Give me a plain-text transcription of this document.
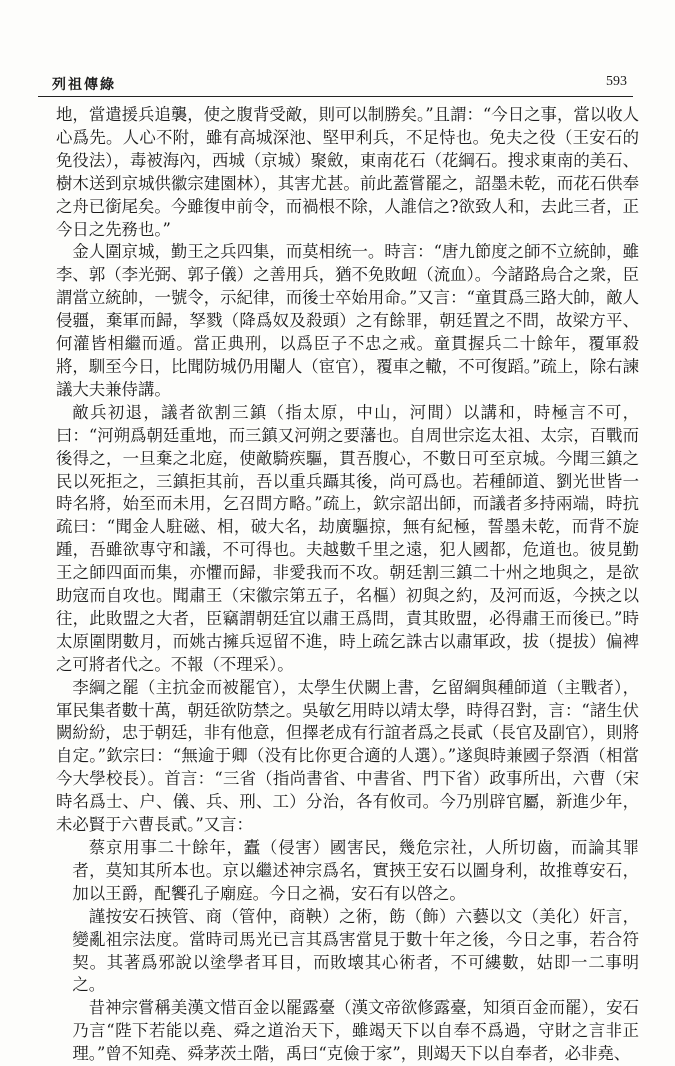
列祖傳綠	593

地，當遣援兵追襲，使之腹背受敵，則可以制勝矣。”且謂：“今日之事，當以收人心爲先。人心不附，雖有高城深池、堅甲利兵，不足恃也。免夫之役（王安石的免役法），毒被海內，西城（京城）聚斂，東南花石（花綱石。搜求東南的美石、樹木送到京城供徽宗建園林），其害尤甚。前此蓋嘗罷之，詔墨未乾，而花石供奉之舟已銜尾矣。今雖復申前令，而禍根不除，人誰信之?欲致人和，去此三者，正今日之先務也。”

金人圍京城，勤王之兵四集，而莫相统一。時言：“唐九節度之師不立統帥，雖李、郭（李光弼、郭子儀）之善用兵，猶不免敗衄（流血）。今諸路烏合之衆，臣謂當立統帥，一號令，示紀律，而後士卒始用命。”又言：“童貫爲三路大帥，敵人侵疆，棄軍而歸，孥戮（降爲奴及殺頭）之有餘罪，朝廷置之不問，故梁方平、何灌皆相繼而遁。當正典刑，以爲臣子不忠之戒。童貫握兵二十餘年，覆軍殺將，馴至今日，比聞防城仍用閹人（宦官），覆車之轍，不可復蹈。”疏上，除右諫議大夫兼侍講。

敵兵初退，議者欲割三鎮（指太原，中山，河間）以講和，時極言不可，曰：“河朔爲朝廷重地，而三鎮又河朔之要藩也。自周世宗迄太祖、太宗，百戰而後得之，一旦棄之北庭，使敵騎疾驅，貫吾腹心，不數日可至京城。今聞三鎮之民以死拒之，三鎮拒其前，吾以重兵躡其後，尚可爲也。若種師道、劉光世皆一時名將，始至而未用，乞召問方略。”疏上，欽宗詔出師，而議者多持兩端，時抗疏曰：“聞金人駐磁、相，破大名，劫廣驅掠，無有紀極，誓墨未乾，而背不旋踵，吾雖欲專守和議，不可得也。夫越數千里之遠，犯人國都，危道也。彼見勤王之師四面而集，亦懼而歸，非愛我而不攻。朝廷割三鎮二十州之地與之，是欲助寇而自攻也。聞肅王（宋徽宗第五子，名樞）初與之約，及河而返，今挾之以往，此敗盟之大者，臣竊謂朝廷宜以肅王爲問，責其敗盟，必得肅王而後已。”時太原圍閉數月，而姚古擁兵逗留不進，時上疏乞誅古以肅軍政，拔（提拔）偏裨之可將者代之。不報（不理采）。

李綱之罷（主抗金而被罷官），太學生伏闕上書，乞留綱與種師道（主戰者），軍民集者數十萬，朝廷欲防禁之。吳敏乞用時以靖太學，時得召對，言：“諸生伏闕紛紛，忠于朝廷，非有他意，但擇老成有行誼者爲之長貳（長官及副官），則將自定。”欽宗曰：“無逾于卿（没有比你更合適的人選）。”遂與時兼國子祭酒（相當今大學校長）。首言：“三省（指尚書省、中書省、門下省）政事所出，六曹（宋時名爲士、户、儀、兵、刑、工）分治，各有攸司。今乃別辟官屬，新進少年，未必賢于六曹長貳。”又言：

蔡京用事二十餘年，蠹（侵害）國害民，幾危宗社，人所切齒，而論其罪者，莫知其所本也。京以繼述神宗爲名，實挾王安石以圖身利，故推尊安石，加以王爵，配饗孔子廟庭。今日之禍，安石有以啓之。

謹按安石挾管、商（管仲，商鞅）之術，飭（飾）六藝以文（美化）奸言，變亂祖宗法度。當時司馬光已言其爲害當見于數十年之後，今日之事，若合符契。其著爲邪說以塗學者耳目，而敗壊其心術者，不可縷數，姑即一二事明之。

昔神宗嘗稱美漢文惜百金以罷露臺（漢文帝欲修露臺，知須百金而罷），安石乃言“陛下若能以堯、舜之道治天下，雖竭天下以自奉不爲過，守財之言非正理。”曾不知堯、舜茅茨土階，禹曰“克儉于家”，則竭天下以自奉者，必非堯、
